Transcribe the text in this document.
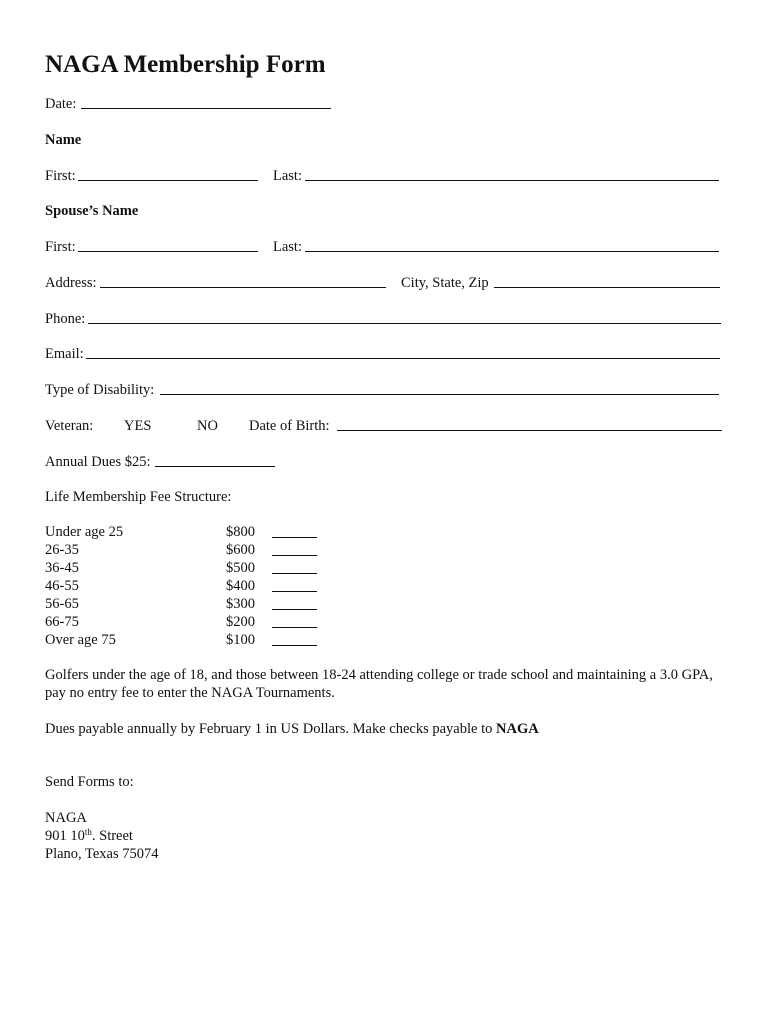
NAGA Membership Form
Date:
Name
First:	Last:
Spouse’s Name
First:	Last:
Address:	City, State, Zip
Phone:
Email:
Type of Disability:
Veteran: YES	NO Date of Birth:
Annual Dues $25:
Life Membership Fee Structure:
Under age 25	$800
26-35	$600
36-45	$500
46-55	$400
56-65	$300
66-75	$200
Over age 75	$100
Golfers under the age of 18, and those between 18-24 attending college or trade school and maintaining a 3.0 GPA, pay no entry fee to enter the NAGA Tournaments.
Dues payable annually by February 1 in US Dollars. Make checks payable to NAGA
Send Forms to:
NAGA
901 10th. Street
Plano, Texas 75074
